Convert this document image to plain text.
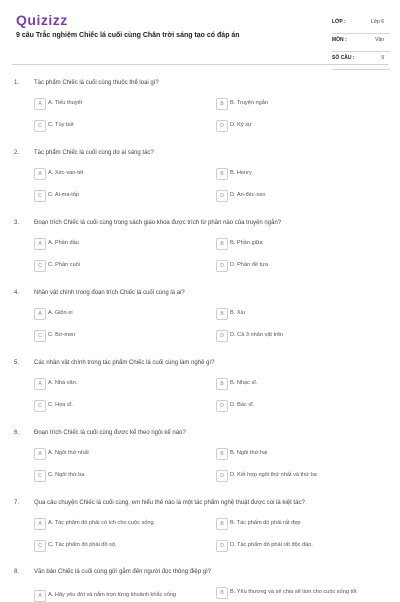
Quizizz
9 câu Trắc nghiệm Chiếc lá cuối cùng Chân trời sáng tạo có đáp án
LỚP :	Lớp 6
MÔN :	Văn
SỐ CÂU :	9
1. Tác phẩm Chiếc lá cuối cùng thuộc thể loại gì?
A	A. Tiểu thuyết	B	B. Truyện ngắn
C	C. Tùy bút	D	D. Ký sự
2. Tác phẩm Chiếc lá cuối cùng do ai sáng tác?
A	A. Xéc-van-tét	B	B. Henry
C	C. Ai-ma-tốp	D	D. An-đéc-xen
3. Đoạn trích Chiếc lá cuối cùng trong sách giáo khoa được trích từ phần nào của truyện ngắn?
A	A. Phần đầu	B	B. Phần giữa
C	C. Phần cuối	D	D. Phần đề tựa
4. Nhân vật chính trong đoạn trích Chiếc lá cuối cùng là ai?
A	A. Giôn-xi	B	B. Xiu
C	C. Bơ-men	D	D. Cả 3 nhân vật trên
5. Các nhân vật chính trong tác phẩm Chiếc lá cuối cùng làm nghề gì?
A	A. Nhà văn.	B	B. Nhạc sĩ.
C	C. Họa sĩ.	D	D. Bác sĩ.
6. Đoạn trích Chiếc lá cuối cùng được kể theo ngôi kể nào?
A	A. Ngôi thứ nhất	B	B. Ngôi thứ hai
C	C. Ngôi thứ ba	D	D. Kết hợp ngôi thứ nhất và thứ ba
7. Qua câu chuyện Chiếc lá cuối cùng, em hiểu thế nào là một tác phẩm nghệ thuật được coi là kiệt tác?
A	A. Tác phẩm đó phải có ích cho cuộc sống.	B	B. Tác phẩm đó phải rất đẹp
C	C. Tác phẩm đó phải đồ sộ.	D	D. Tác phẩm đó phải rất độc đáo.
8. Văn bản Chiếc lá cuối cùng gửi gắm đến người đọc thông điệp gì?
A	A. Hãy yêu đời và nắm trọn từng khoảnh khắc sống	B	B. Yêu thương và sẻ chia sẽ làm cho cuộc sống tốt
